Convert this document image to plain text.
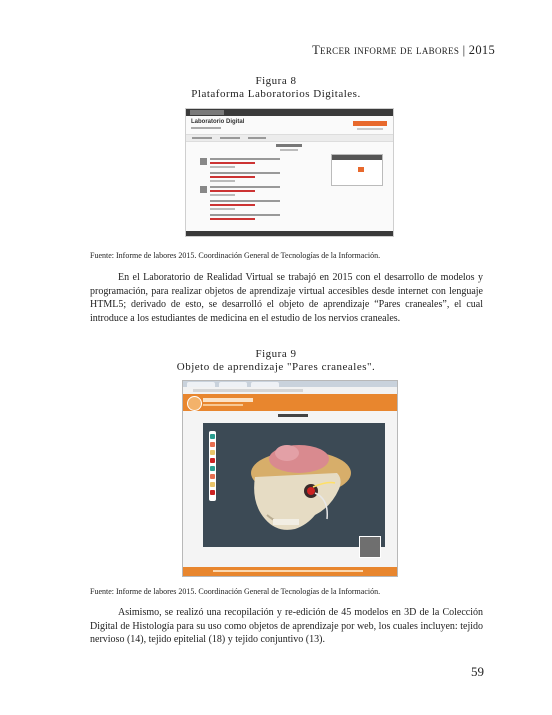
Tercer informe de labores | 2015
Figura 8
Plataforma Laboratorios Digitales.
Laboratorio Digital
Fuente: Informe de labores 2015. Coordinación General de Tecnologías de la Información.

En el Laboratorio de Realidad Virtual se trabajó en 2015 con el desarrollo de modelos y programación, para realizar objetos de aprendizaje virtual accesibles desde internet con lenguaje HTML5; derivado de esto, se desarrolló el objeto de aprendizaje “Pares craneales”, el cual introduce a los estudiantes de medicina en el estudio de los nervios craneales.

Figura 9
Objeto de aprendizaje "Pares craneales".
Fuente: Informe de labores 2015. Coordinación General de Tecnologías de la Información.

Asimismo, se realizó una recopilación y re-edición de 45 modelos en 3D de la Colección Digital de Histología para su uso como objetos de aprendizaje por web, los cuales incluyen: tejido nervioso (14), tejido epitelial (18) y tejido conjuntivo (13).

59
